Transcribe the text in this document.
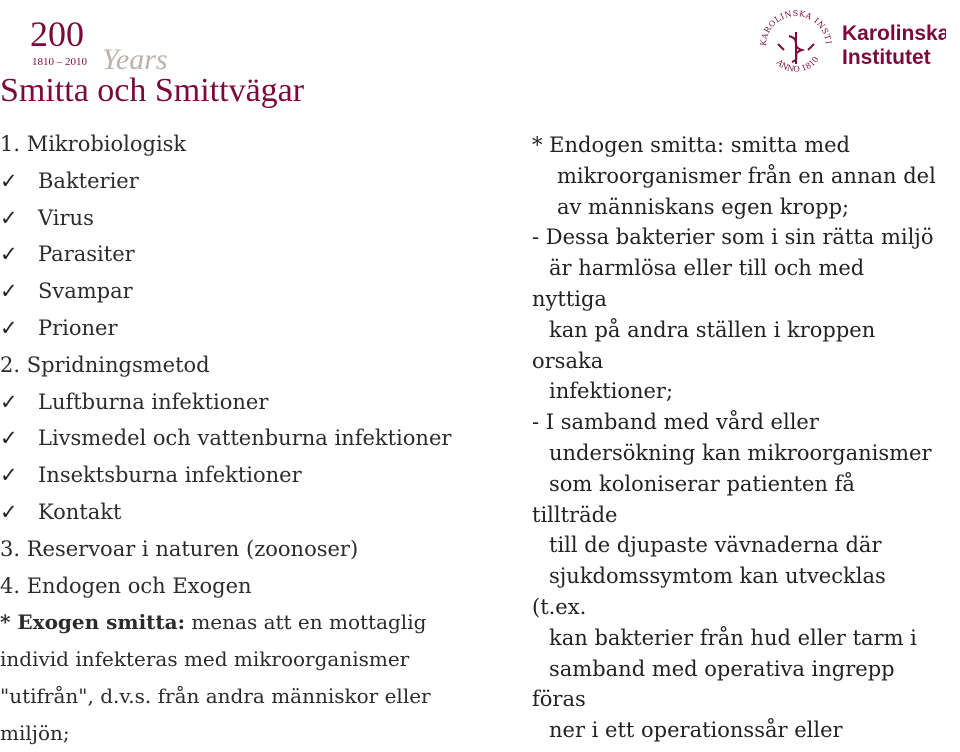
200
1810 – 2010 Years
KAROLINSKA INSTI
ANNO 1810
Karolinska
Institutet
Smitta och Smittvägar
1. Mikrobiologisk
✓ Bakterier
✓ Virus
✓ Parasiter
✓ Svampar
✓ Prioner
2. Spridningsmetod
✓ Luftburna infektioner
✓ Livsmedel och vattenburna infektioner
✓ Insektsburna infektioner
✓ Kontakt
3. Reservoar i naturen (zoonoser)
4. Endogen och Exogen
* Exogen smitta: menas att en mottaglig
individ infekteras med mikroorganismer
"utifrån", d.v.s. från andra människor eller
miljön;
* Endogen smitta: smitta med
mikroorganismer från en annan del
av människans egen kropp;
- Dessa bakterier som i sin rätta miljö
är harmlösa eller till och med
nyttiga
kan på andra ställen i kroppen
orsaka
infektioner;
- I samband med vård eller
undersökning kan mikroorganismer
som koloniserar patienten få
tillträde
till de djupaste vävnaderna där
sjukdomssymtom kan utvecklas
(t.ex.
kan bakterier från hud eller tarm i
samband med operativa ingrepp
föras
ner i ett operationssår eller
